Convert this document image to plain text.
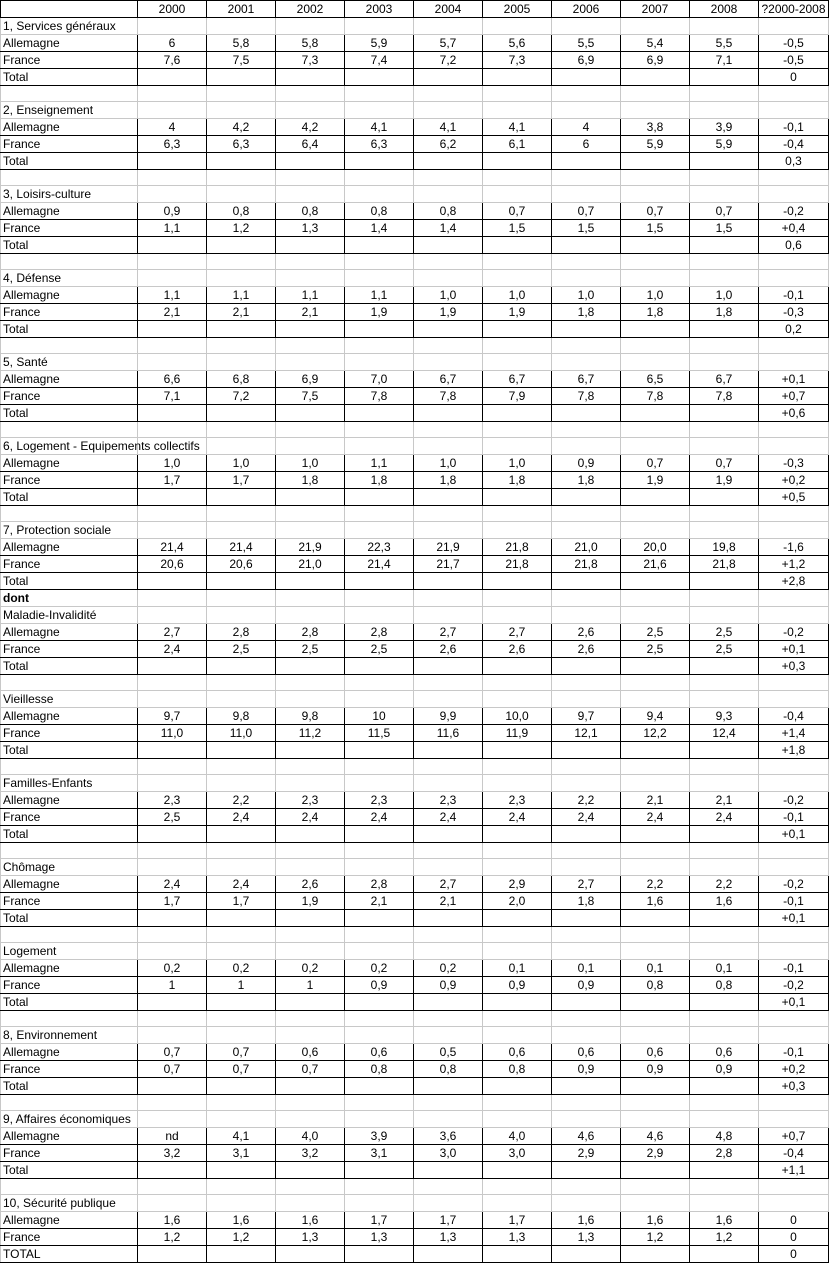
	2000	2001	2002	2003	2004	2005	2006	2007	2008	?2000-2008
1, Services généraux										
Allemagne	6	5,8	5,8	5,9	5,7	5,6	5,5	5,4	5,5	-0,5
France	7,6	7,5	7,3	7,4	7,2	7,3	6,9	6,9	7,1	-0,5
Total										0

2, Enseignement										
Allemagne	4	4,2	4,2	4,1	4,1	4,1	4	3,8	3,9	-0,1
France	6,3	6,3	6,4	6,3	6,2	6,1	6	5,9	5,9	-0,4
Total										0,3

3, Loisirs-culture										
Allemagne	0,9	0,8	0,8	0,8	0,8	0,7	0,7	0,7	0,7	-0,2
France	1,1	1,2	1,3	1,4	1,4	1,5	1,5	1,5	1,5	+0,4
Total										0,6

4, Défense										
Allemagne	1,1	1,1	1,1	1,1	1,0	1,0	1,0	1,0	1,0	-0,1
France	2,1	2,1	2,1	1,9	1,9	1,9	1,8	1,8	1,8	-0,3
Total										0,2

5, Santé										
Allemagne	6,6	6,8	6,9	7,0	6,7	6,7	6,7	6,5	6,7	+0,1
France	7,1	7,2	7,5	7,8	7,8	7,9	7,8	7,8	7,8	+0,7
Total										+0,6

6, Logement - Equipements collectifs										
Allemagne	1,0	1,0	1,0	1,1	1,0	1,0	0,9	0,7	0,7	-0,3
France	1,7	1,7	1,8	1,8	1,8	1,8	1,8	1,9	1,9	+0,2
Total										+0,5

7, Protection sociale										
Allemagne	21,4	21,4	21,9	22,3	21,9	21,8	21,0	20,0	19,8	-1,6
France	20,6	20,6	21,0	21,4	21,7	21,8	21,8	21,6	21,8	+1,2
Total										+2,8
dont										
Maladie-Invalidité										
Allemagne	2,7	2,8	2,8	2,8	2,7	2,7	2,6	2,5	2,5	-0,2
France	2,4	2,5	2,5	2,5	2,6	2,6	2,6	2,5	2,5	+0,1
Total										+0,3

Vieillesse										
Allemagne	9,7	9,8	9,8	10	9,9	10,0	9,7	9,4	9,3	-0,4
France	11,0	11,0	11,2	11,5	11,6	11,9	12,1	12,2	12,4	+1,4
Total										+1,8

Familles-Enfants										
Allemagne	2,3	2,2	2,3	2,3	2,3	2,3	2,2	2,1	2,1	-0,2
France	2,5	2,4	2,4	2,4	2,4	2,4	2,4	2,4	2,4	-0,1
Total										+0,1

Chômage										
Allemagne	2,4	2,4	2,6	2,8	2,7	2,9	2,7	2,2	2,2	-0,2
France	1,7	1,7	1,9	2,1	2,1	2,0	1,8	1,6	1,6	-0,1
Total										+0,1

Logement										
Allemagne	0,2	0,2	0,2	0,2	0,2	0,1	0,1	0,1	0,1	-0,1
France	1	1	1	0,9	0,9	0,9	0,9	0,8	0,8	-0,2
Total										+0,1

8, Environnement										
Allemagne	0,7	0,7	0,6	0,6	0,5	0,6	0,6	0,6	0,6	-0,1
France	0,7	0,7	0,7	0,8	0,8	0,8	0,9	0,9	0,9	+0,2
Total										+0,3

9, Affaires économiques										
Allemagne	nd	4,1	4,0	3,9	3,6	4,0	4,6	4,6	4,8	+0,7
France	3,2	3,1	3,2	3,1	3,0	3,0	2,9	2,9	2,8	-0,4
Total										+1,1

10, Sécurité publique										
Allemagne	1,6	1,6	1,6	1,7	1,7	1,7	1,6	1,6	1,6	0
France	1,2	1,2	1,3	1,3	1,3	1,3	1,3	1,2	1,2	0
TOTAL										0
